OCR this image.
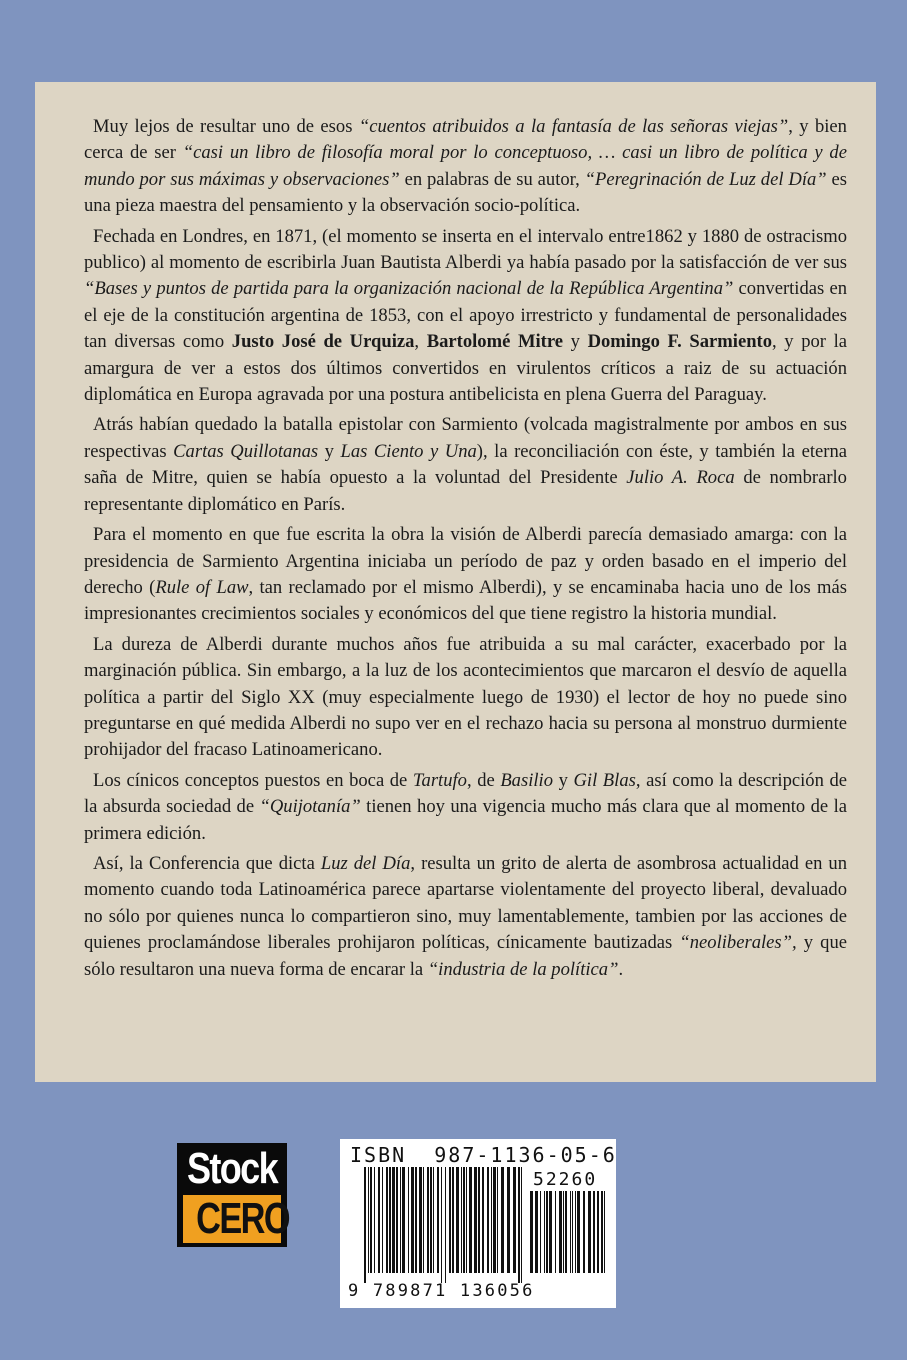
Muy lejos de resultar uno de esos “cuentos atribuidos a la fantasía de las señoras viejas”, y bien cerca de ser “casi un libro de filosofía moral por lo conceptuoso, … casi un libro de política y de mundo por sus máximas y observaciones” en palabras de su autor, “Peregrinación de Luz del Día” es una pieza maestra del pensamiento y la observación socio-política.

Fechada en Londres, en 1871, (el momento se inserta en el intervalo entre1862 y 1880 de ostracismo publico) al momento de escribirla Juan Bautista Alberdi ya había pasado por la satisfacción de ver sus “Bases y puntos de partida para la organización nacional de la República Argentina” convertidas en el eje de la constitución argentina de 1853, con el apoyo irrestricto y fundamental de personalidades tan diversas como Justo José de Urquiza, Bartolomé Mitre y Domingo F. Sarmiento, y por la amargura de ver a estos dos últimos convertidos en virulentos críticos a raiz de su actuación diplomática en Europa agravada por una postura antibelicista en plena Guerra del Paraguay.

Atrás habían quedado la batalla epistolar con Sarmiento (volcada magistralmente por ambos en sus respectivas Cartas Quillotanas y Las Ciento y Una), la reconciliación con éste, y también la eterna saña de Mitre, quien se había opuesto a la voluntad del Presidente Julio A. Roca de nombrarlo representante diplomático en París.

Para el momento en que fue escrita la obra la visión de Alberdi parecía demasiado amarga: con la presidencia de Sarmiento Argentina iniciaba un período de paz y orden basado en el imperio del derecho (Rule of Law, tan reclamado por el mismo Alberdi), y se encaminaba hacia uno de los más impresionantes crecimientos sociales y económicos del que tiene registro la historia mundial.

La dureza de Alberdi durante muchos años fue atribuida a su mal carácter, exacerbado por la marginación pública. Sin embargo, a la luz de los acontecimientos que marcaron el desvío de aquella política a partir del Siglo XX (muy especialmente luego de 1930) el lector de hoy no puede sino preguntarse en qué medida Alberdi no supo ver en el rechazo hacia su persona al monstruo durmiente prohijador del fracaso Latinoamericano.

Los cínicos conceptos puestos en boca de Tartufo, de Basilio y Gil Blas, así como la descripción de la absurda sociedad de “Quijotanía” tienen hoy una vigencia mucho más clara que al momento de la primera edición.

Así, la Conferencia que dicta Luz del Día, resulta un grito de alerta de asombrosa actualidad en un momento cuando toda Latinoamérica parece apartarse violentamente del proyecto liberal, devaluado no sólo por quienes nunca lo compartieron sino, muy lamentablemente, tambien por las acciones de quienes proclamándose liberales prohijaron políticas, cínicamente bautizadas “neoliberales”, y que sólo resultaron una nueva forma de encarar la “industria de la política”.

Stock
CERO
ISBN  987-1136-05-6
52260
9 789871 136056
